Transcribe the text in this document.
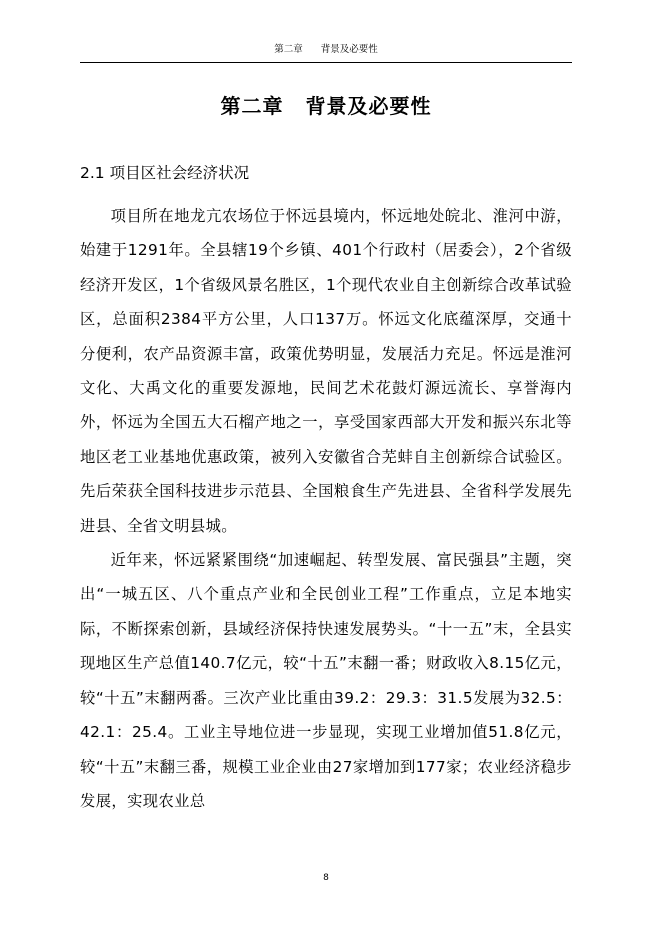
第二章 背景及必要性
第二章 背景及必要性
2.1 项目区社会经济状况

项目所在地龙亢农场位于怀远县境内，怀远地处皖北、淮河中游，始建于1291年。全县辖19个乡镇、401个行政村（居委会），2个省级经济开发区，1个省级风景名胜区，1个现代农业自主创新综合改革试验区，总面积2384平方公里，人口137万。怀远文化底蕴深厚，交通十分便利，农产品资源丰富，政策优势明显，发展活力充足。怀远是淮河文化、大禹文化的重要发源地，民间艺术花鼓灯源远流长、享誉海内外，怀远为全国五大石榴产地之一，享受国家西部大开发和振兴东北等地区老工业基地优惠政策，被列入安徽省合芜蚌自主创新综合试验区。先后荣获全国科技进步示范县、全国粮食生产先进县、全省科学发展先进县、全省文明县城。

近年来，怀远紧紧围绕“加速崛起、转型发展、富民强县”主题，突出“一城五区、八个重点产业和全民创业工程”工作重点，立足本地实际，不断探索创新，县域经济保持快速发展势头。“十一五”末，全县实现地区生产总值140.7亿元，较“十五”末翻一番；财政收入8.15亿元，较“十五”末翻两番。三次产业比重由39.2：29.3：31.5发展为32.5：42.1：25.4。工业主导地位进一步显现，实现工业增加值51.8亿元，较“十五”末翻三番，规模工业企业由27家增加到177家；农业经济稳步发展，实现农业总

8
